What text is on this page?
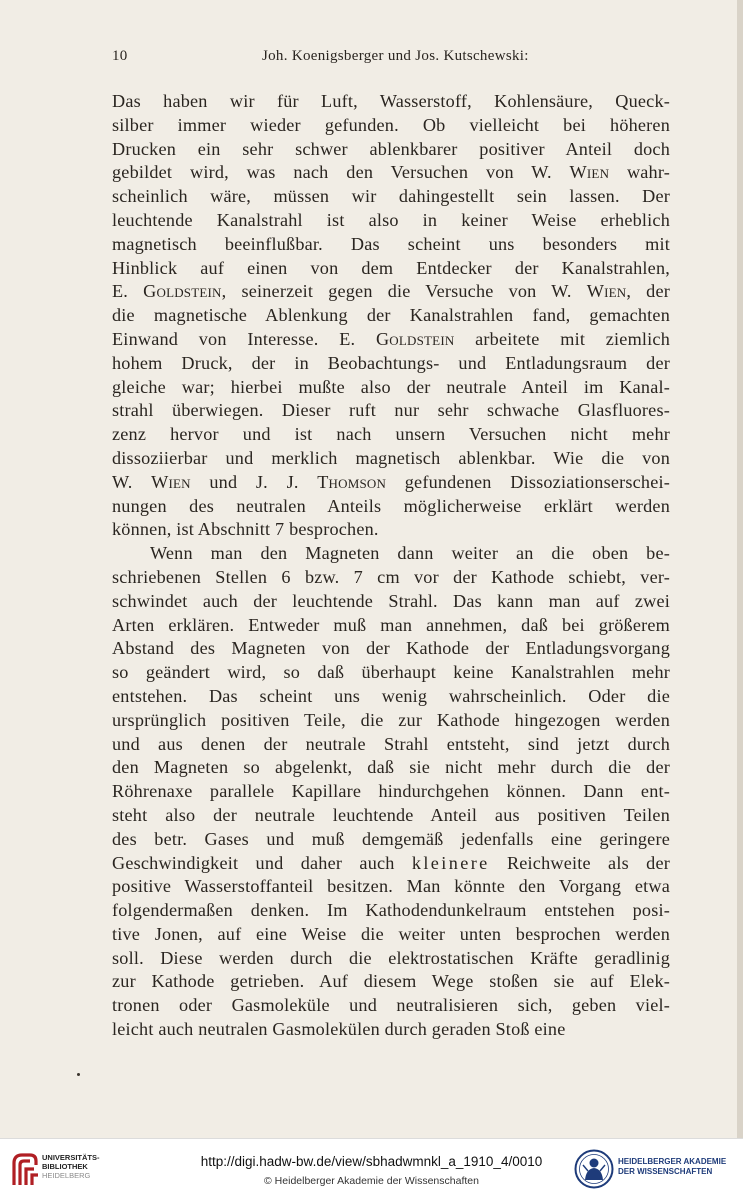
10	Joh. Koenigsberger und Jos. Kutschewski:
Das haben wir für Luft, Wasserstoff, Kohlensäure, Queck-
silber immer wieder gefunden. Ob vielleicht bei höheren
Drucken ein sehr schwer ablenkbarer positiver Anteil doch
gebildet wird, was nach den Versuchen von W. Wien wahr-
scheinlich wäre, müssen wir dahingestellt sein lassen. Der
leuchtende Kanalstrahl ist also in keiner Weise erheblich
magnetisch beeinflußbar. Das scheint uns besonders mit
Hinblick auf einen von dem Entdecker der Kanalstrahlen,
E. Goldstein, seinerzeit gegen die Versuche von W. Wien, der
die magnetische Ablenkung der Kanalstrahlen fand, gemachten
Einwand von Interesse. E. Goldstein arbeitete mit ziemlich
hohem Druck, der in Beobachtungs- und Entladungsraum der
gleiche war; hierbei mußte also der neutrale Anteil im Kanal-
strahl überwiegen. Dieser ruft nur sehr schwache Glasfluores-
zenz hervor und ist nach unsern Versuchen nicht mehr
dissoziierbar und merklich magnetisch ablenkbar. Wie die von
W. Wien und J. J. Thomson gefundenen Dissoziationserschei-
nungen des neutralen Anteils möglicherweise erklärt werden
können, ist Abschnitt 7 besprochen.
Wenn man den Magneten dann weiter an die oben be-
schriebenen Stellen 6 bzw. 7 cm vor der Kathode schiebt, ver-
schwindet auch der leuchtende Strahl. Das kann man auf zwei
Arten erklären. Entweder muß man annehmen, daß bei größerem
Abstand des Magneten von der Kathode der Entladungsvorgang
so geändert wird, so daß überhaupt keine Kanalstrahlen mehr
entstehen. Das scheint uns wenig wahrscheinlich. Oder die
ursprünglich positiven Teile, die zur Kathode hingezogen werden
und aus denen der neutrale Strahl entsteht, sind jetzt durch
den Magneten so abgelenkt, daß sie nicht mehr durch die der
Röhrenaxe parallele Kapillare hindurchgehen können. Dann ent-
steht also der neutrale leuchtende Anteil aus positiven Teilen
des betr. Gases und muß demgemäß jedenfalls eine geringere
Geschwindigkeit und daher auch kleinere Reichweite als der
positive Wasserstoffanteil besitzen. Man könnte den Vorgang etwa
folgendermaßen denken. Im Kathodendunkelraum entstehen posi-
tive Jonen, auf eine Weise die weiter unten besprochen werden
soll. Diese werden durch die elektrostatischen Kräfte geradlinig
zur Kathode getrieben. Auf diesem Wege stoßen sie auf Elek-
tronen oder Gasmoleküle und neutralisieren sich, geben viel-
leicht auch neutralen Gasmolekülen durch geraden Stoß eine
UNIVERSITÄTS-
BIBLIOTHEK
HEIDELBERG
http://digi.hadw-bw.de/view/sbhadwmnkl_a_1910_4/0010
© Heidelberger Akademie der Wissenschaften
HEIDELBERGER AKADEMIE
DER WISSENSCHAFTEN
